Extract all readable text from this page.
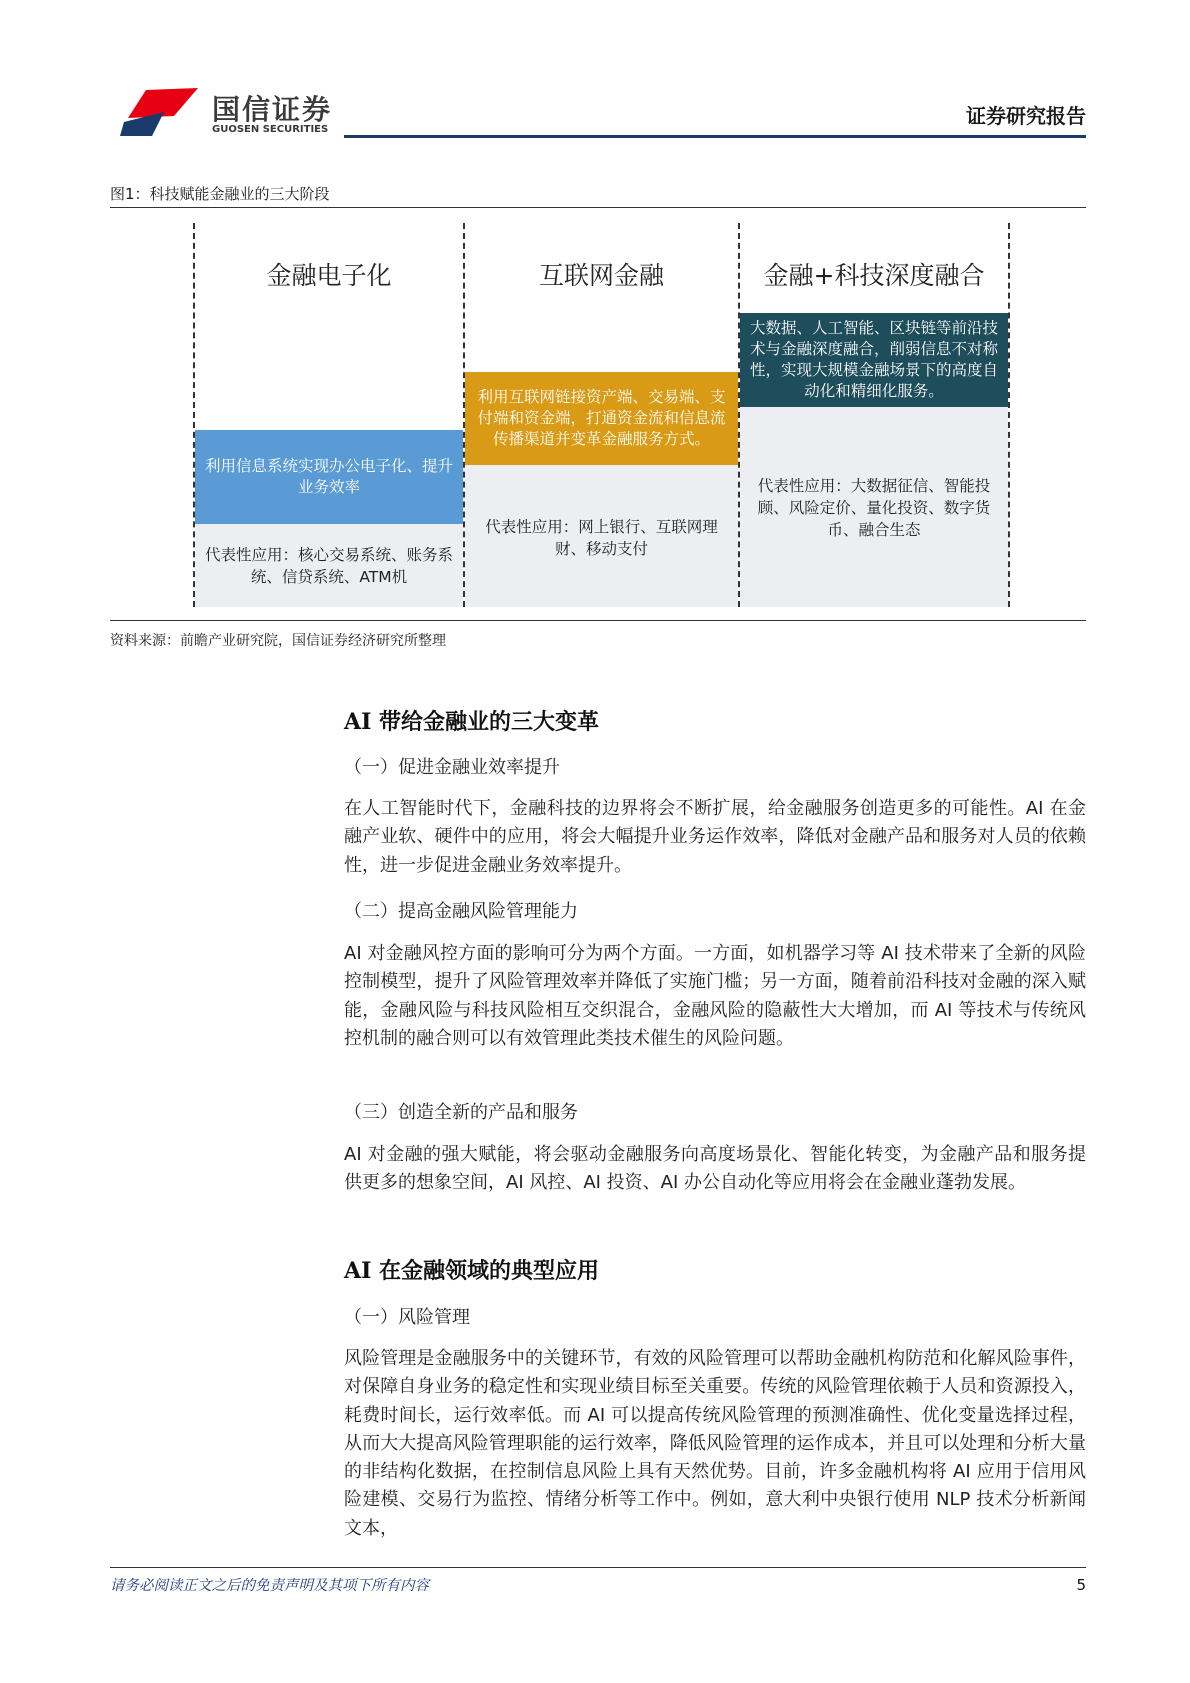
国信证券
GUOSEN SECURITIES
证券研究报告
图1：科技赋能金融业的三大阶段
金融电子化
利用信息系统实现办公电子化、提升业务效率
代表性应用：核心交易系统、账务系统、信贷系统、ATM机
互联网金融
利用互联网链接资产端、交易端、支付端和资金端，打通资金流和信息流传播渠道并变革金融服务方式。
代表性应用：网上银行、互联网理财、移动支付
金融+科技深度融合
大数据、人工智能、区块链等前沿技术与金融深度融合，削弱信息不对称性，实现大规模金融场景下的高度自动化和精细化服务。
代表性应用：大数据征信、智能投顾、风险定价、量化投资、数字货币、融合生态
资料来源：前瞻产业研究院，国信证券经济研究所整理
AI 带给金融业的三大变革
（一）促进金融业效率提升
在人工智能时代下，金融科技的边界将会不断扩展，给金融服务创造更多的可能性。AI 在金融产业软、硬件中的应用，将会大幅提升业务运作效率，降低对金融产品和服务对人员的依赖性，进一步促进金融业务效率提升。
（二）提高金融风险管理能力
AI 对金融风控方面的影响可分为两个方面。一方面，如机器学习等 AI 技术带来了全新的风险控制模型，提升了风险管理效率并降低了实施门槛；另一方面，随着前沿科技对金融的深入赋能，金融风险与科技风险相互交织混合，金融风险的隐蔽性大大增加，而 AI 等技术与传统风控机制的融合则可以有效管理此类技术催生的风险问题。
（三）创造全新的产品和服务
AI 对金融的强大赋能，将会驱动金融服务向高度场景化、智能化转变，为金融产品和服务提供更多的想象空间，AI 风控、AI 投资、AI 办公自动化等应用将会在金融业蓬勃发展。
AI 在金融领域的典型应用
（一）风险管理
风险管理是金融服务中的关键环节，有效的风险管理可以帮助金融机构防范和化解风险事件，对保障自身业务的稳定性和实现业绩目标至关重要。传统的风险管理依赖于人员和资源投入，耗费时间长，运行效率低。而 AI 可以提高传统风险管理的预测准确性、优化变量选择过程，从而大大提高风险管理职能的运行效率，降低风险管理的运作成本，并且可以处理和分析大量的非结构化数据，在控制信息风险上具有天然优势。目前，许多金融机构将 AI 应用于信用风险建模、交易行为监控、情绪分析等工作中。例如，意大利中央银行使用 NLP 技术分析新闻文本，
请务必阅读正文之后的免责声明及其项下所有内容	5
